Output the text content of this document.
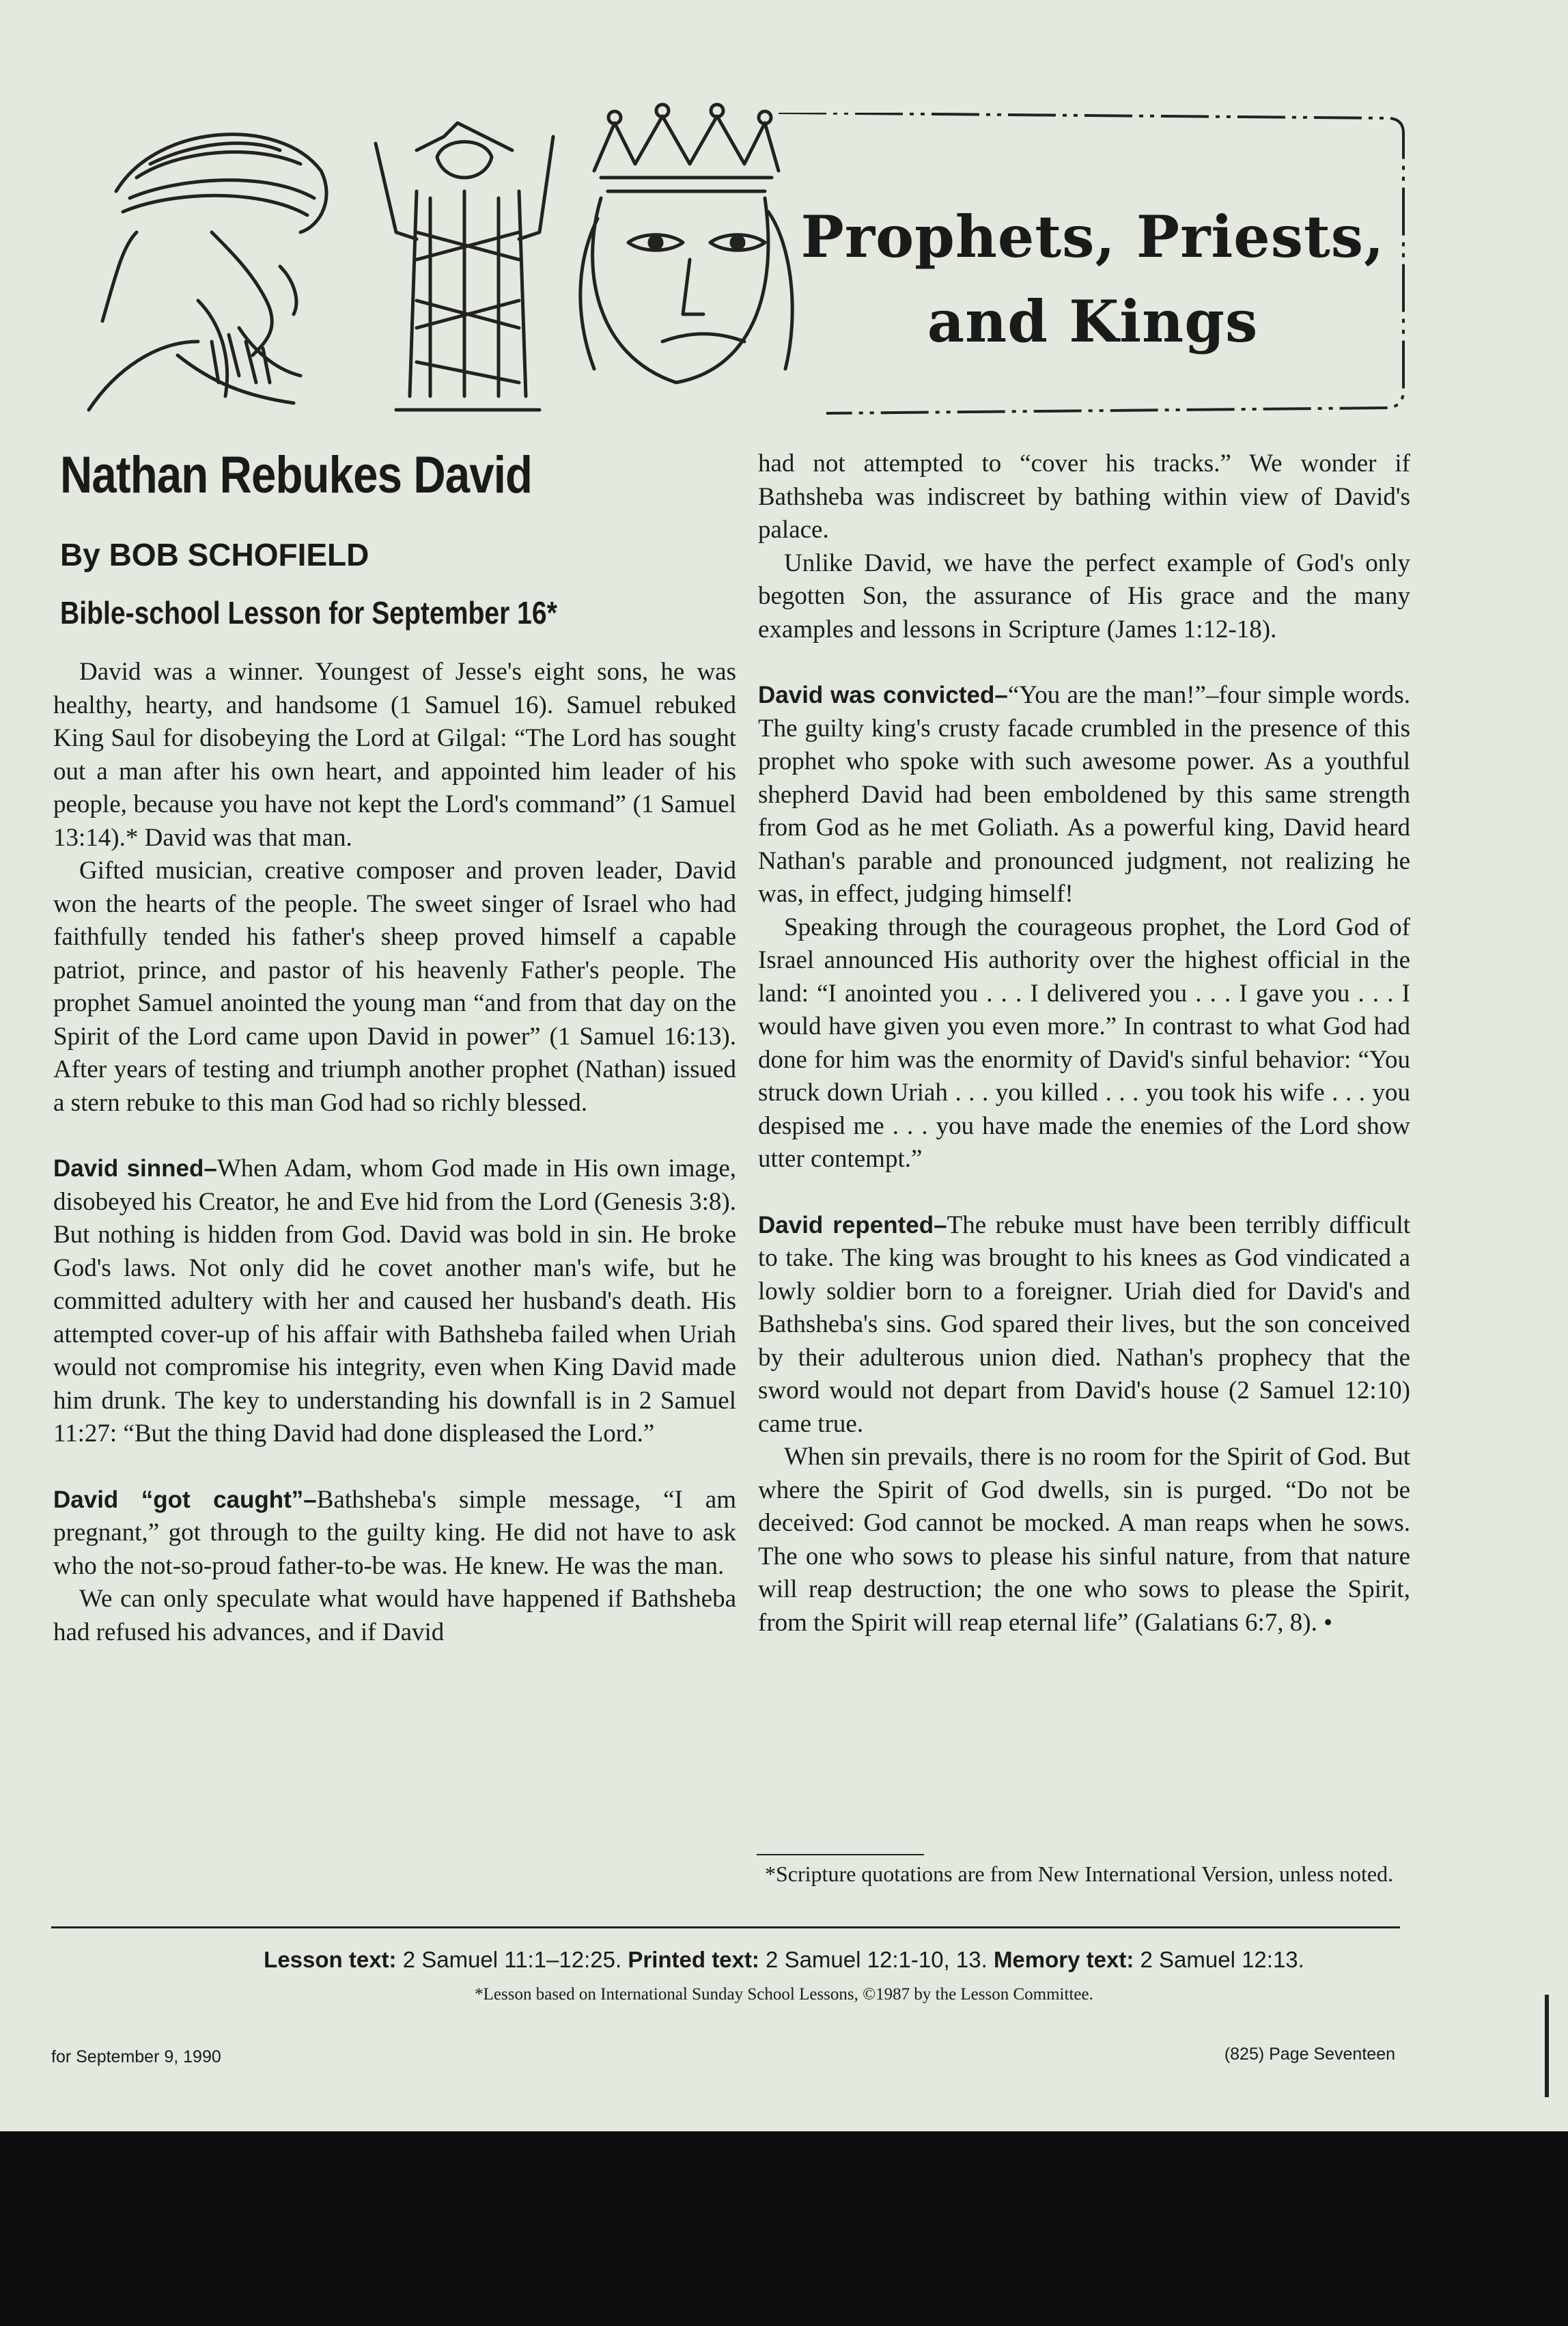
Prophets, Priests,
and Kings
Nathan Rebukes David
By BOB SCHOFIELD
Bible-school Lesson for September 16*

David was a winner. Youngest of Jesse's eight sons, he was healthy, hearty, and handsome (1 Samuel 16). Samuel rebuked King Saul for disobeying the Lord at Gilgal: “The Lord has sought out a man after his own heart, and appointed him leader of his people, because you have not kept the Lord's command” (1 Samuel 13:14).* David was that man.

Gifted musician, creative composer and proven leader, David won the hearts of the people. The sweet singer of Israel who had faithfully tended his father's sheep proved himself a capable patriot, prince, and pastor of his heavenly Father's people. The prophet Samuel anointed the young man “and from that day on the Spirit of the Lord came upon David in power” (1 Samuel 16:13). After years of testing and triumph another prophet (Nathan) issued a stern rebuke to this man God had so richly blessed.

David sinned–When Adam, whom God made in His own image, disobeyed his Creator, he and Eve hid from the Lord (Genesis 3:8). But nothing is hidden from God. David was bold in sin. He broke God's laws. Not only did he covet another man's wife, but he committed adultery with her and caused her husband's death. His attempted cover-up of his affair with Bathsheba failed when Uriah would not compromise his integrity, even when King David made him drunk. The key to understanding his downfall is in 2 Samuel 11:27: “But the thing David had done displeased the Lord.”

David “got caught”–Bathsheba's simple message, “I am pregnant,” got through to the guilty king. He did not have to ask who the not-so-proud father-to-be was. He knew. He was the man.

We can only speculate what would have happened if Bathsheba had refused his advances, and if David

had not attempted to “cover his tracks.” We wonder if Bathsheba was indiscreet by bathing within view of David's palace.

Unlike David, we have the perfect example of God's only begotten Son, the assurance of His grace and the many examples and lessons in Scripture (James 1:12-18).

David was convicted–“You are the man!”–four simple words. The guilty king's crusty facade crumbled in the presence of this prophet who spoke with such awesome power. As a youthful shepherd David had been emboldened by this same strength from God as he met Goliath. As a powerful king, David heard Nathan's parable and pronounced judgment, not realizing he was, in effect, judging himself!

Speaking through the courageous prophet, the Lord God of Israel announced His authority over the highest official in the land: “I anointed you . . . I delivered you . . . I gave you . . . I would have given you even more.” In contrast to what God had done for him was the enormity of David's sinful behavior: “You struck down Uriah . . . you killed . . . you took his wife . . . you despised me . . . you have made the enemies of the Lord show utter contempt.”

David repented–The rebuke must have been terribly difficult to take. The king was brought to his knees as God vindicated a lowly soldier born to a foreigner. Uriah died for David's and Bathsheba's sins. God spared their lives, but the son conceived by their adulterous union died. Nathan's prophecy that the sword would not depart from David's house (2 Samuel 12:10) came true.

When sin prevails, there is no room for the Spirit of God. But where the Spirit of God dwells, sin is purged. “Do not be deceived: God cannot be mocked. A man reaps when he sows. The one who sows to please his sinful nature, from that nature will reap destruction; the one who sows to please the Spirit, from the Spirit will reap eternal life” (Galatians 6:7, 8). •

*Scripture quotations are from New International Version, unless noted.
Lesson text: 2 Samuel 11:1–12:25. Printed text: 2 Samuel 12:1-10, 13. Memory text: 2 Samuel 12:13.
*Lesson based on International Sunday School Lessons, ©1987 by the Lesson Committee.
for September 9, 1990	(825) Page Seventeen
